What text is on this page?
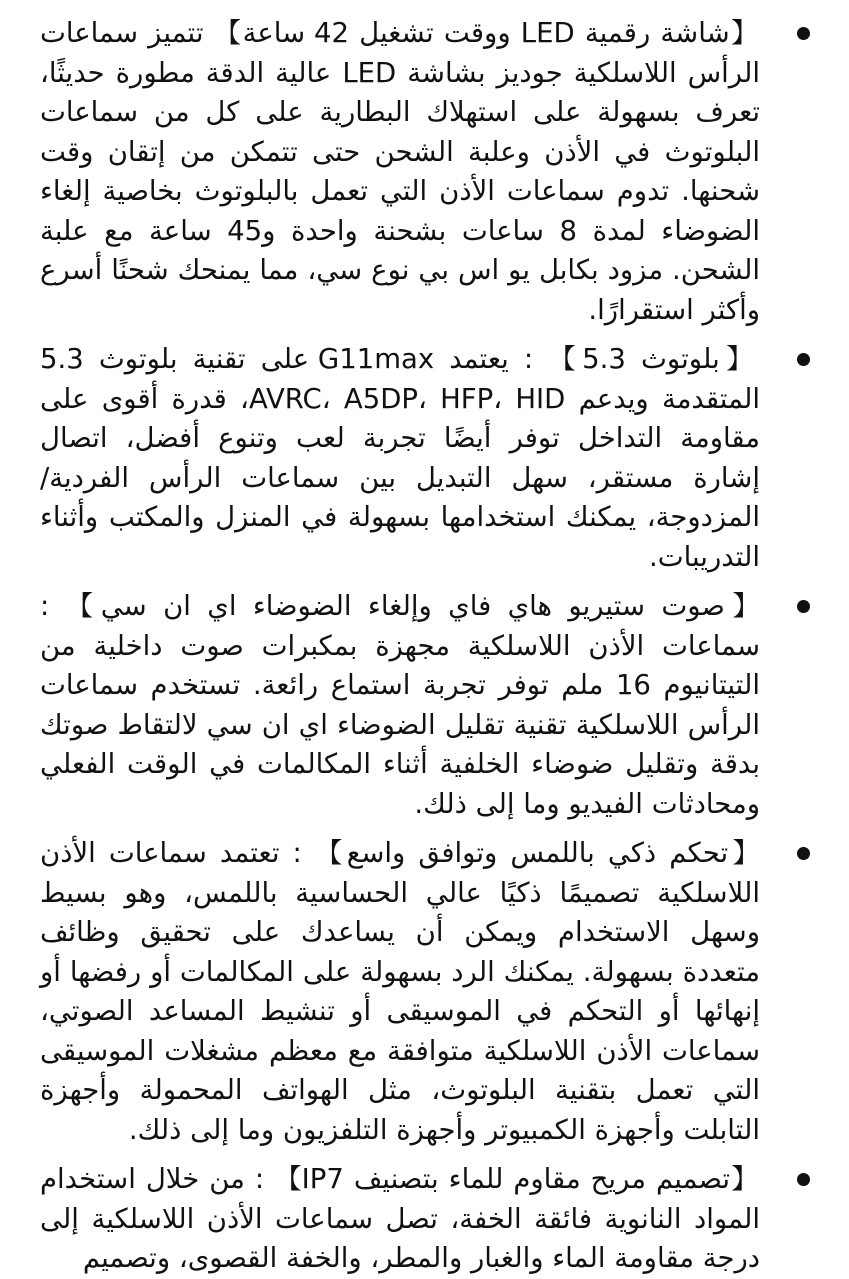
【شاشة رقمية LED ووقت تشغيل 42 ساعة】 تتميز سماعات الرأس اللاسلكية جوديز بشاشة LED عالية الدقة مطورة حديثًا، تعرف بسهولة على استهلاك البطارية على كل من سماعات البلوتوث في الأذن وعلبة الشحن حتى تتمكن من إتقان وقت شحنها. تدوم سماعات الأذن التي تعمل بالبلوتوث بخاصية إلغاء الضوضاء لمدة 8 ساعات بشحنة واحدة و45 ساعة مع علبة الشحن. مزود بكابل يو اس بي نوع سي، مما يمنحك شحنًا أسرع وأكثر استقرارًا.
【بلوتوث 5.3】 : يعتمد G11max على تقنية بلوتوث 5.3 المتقدمة ويدعم AVRC، A5DP، HFP، HID، قدرة أقوى على مقاومة التداخل توفر أيضًا تجربة لعب وتنوع أفضل، اتصال إشارة مستقر، سهل التبديل بين سماعات الرأس الفردية/المزدوجة، يمكنك استخدامها بسهولة في المنزل والمكتب وأثناء التدريبات.
【صوت ستيريو هاي فاي وإلغاء الضوضاء اي ان سي】 : سماعات الأذن اللاسلكية مجهزة بمكبرات صوت داخلية من التيتانيوم 16 ملم توفر تجربة استماع رائعة. تستخدم سماعات الرأس اللاسلكية تقنية تقليل الضوضاء اي ان سي لالتقاط صوتك بدقة وتقليل ضوضاء الخلفية أثناء المكالمات في الوقت الفعلي ومحادثات الفيديو وما إلى ذلك.
【تحكم ذكي باللمس وتوافق واسع】 : تعتمد سماعات الأذن اللاسلكية تصميمًا ذكيًا عالي الحساسية باللمس، وهو بسيط وسهل الاستخدام ويمكن أن يساعدك على تحقيق وظائف متعددة بسهولة. يمكنك الرد بسهولة على المكالمات أو رفضها أو إنهائها أو التحكم في الموسيقى أو تنشيط المساعد الصوتي، سماعات الأذن اللاسلكية متوافقة مع معظم مشغلات الموسيقى التي تعمل بتقنية البلوتوث، مثل الهواتف المحمولة وأجهزة التابلت وأجهزة الكمبيوتر وأجهزة التلفزيون وما إلى ذلك.
【تصميم مريح مقاوم للماء بتصنيف IP7】 : من خلال استخدام المواد النانوية فائقة الخفة، تصل سماعات الأذن اللاسلكية إلى درجة مقاومة الماء والغبار والمطر، والخفة القصوى، وتصميم
